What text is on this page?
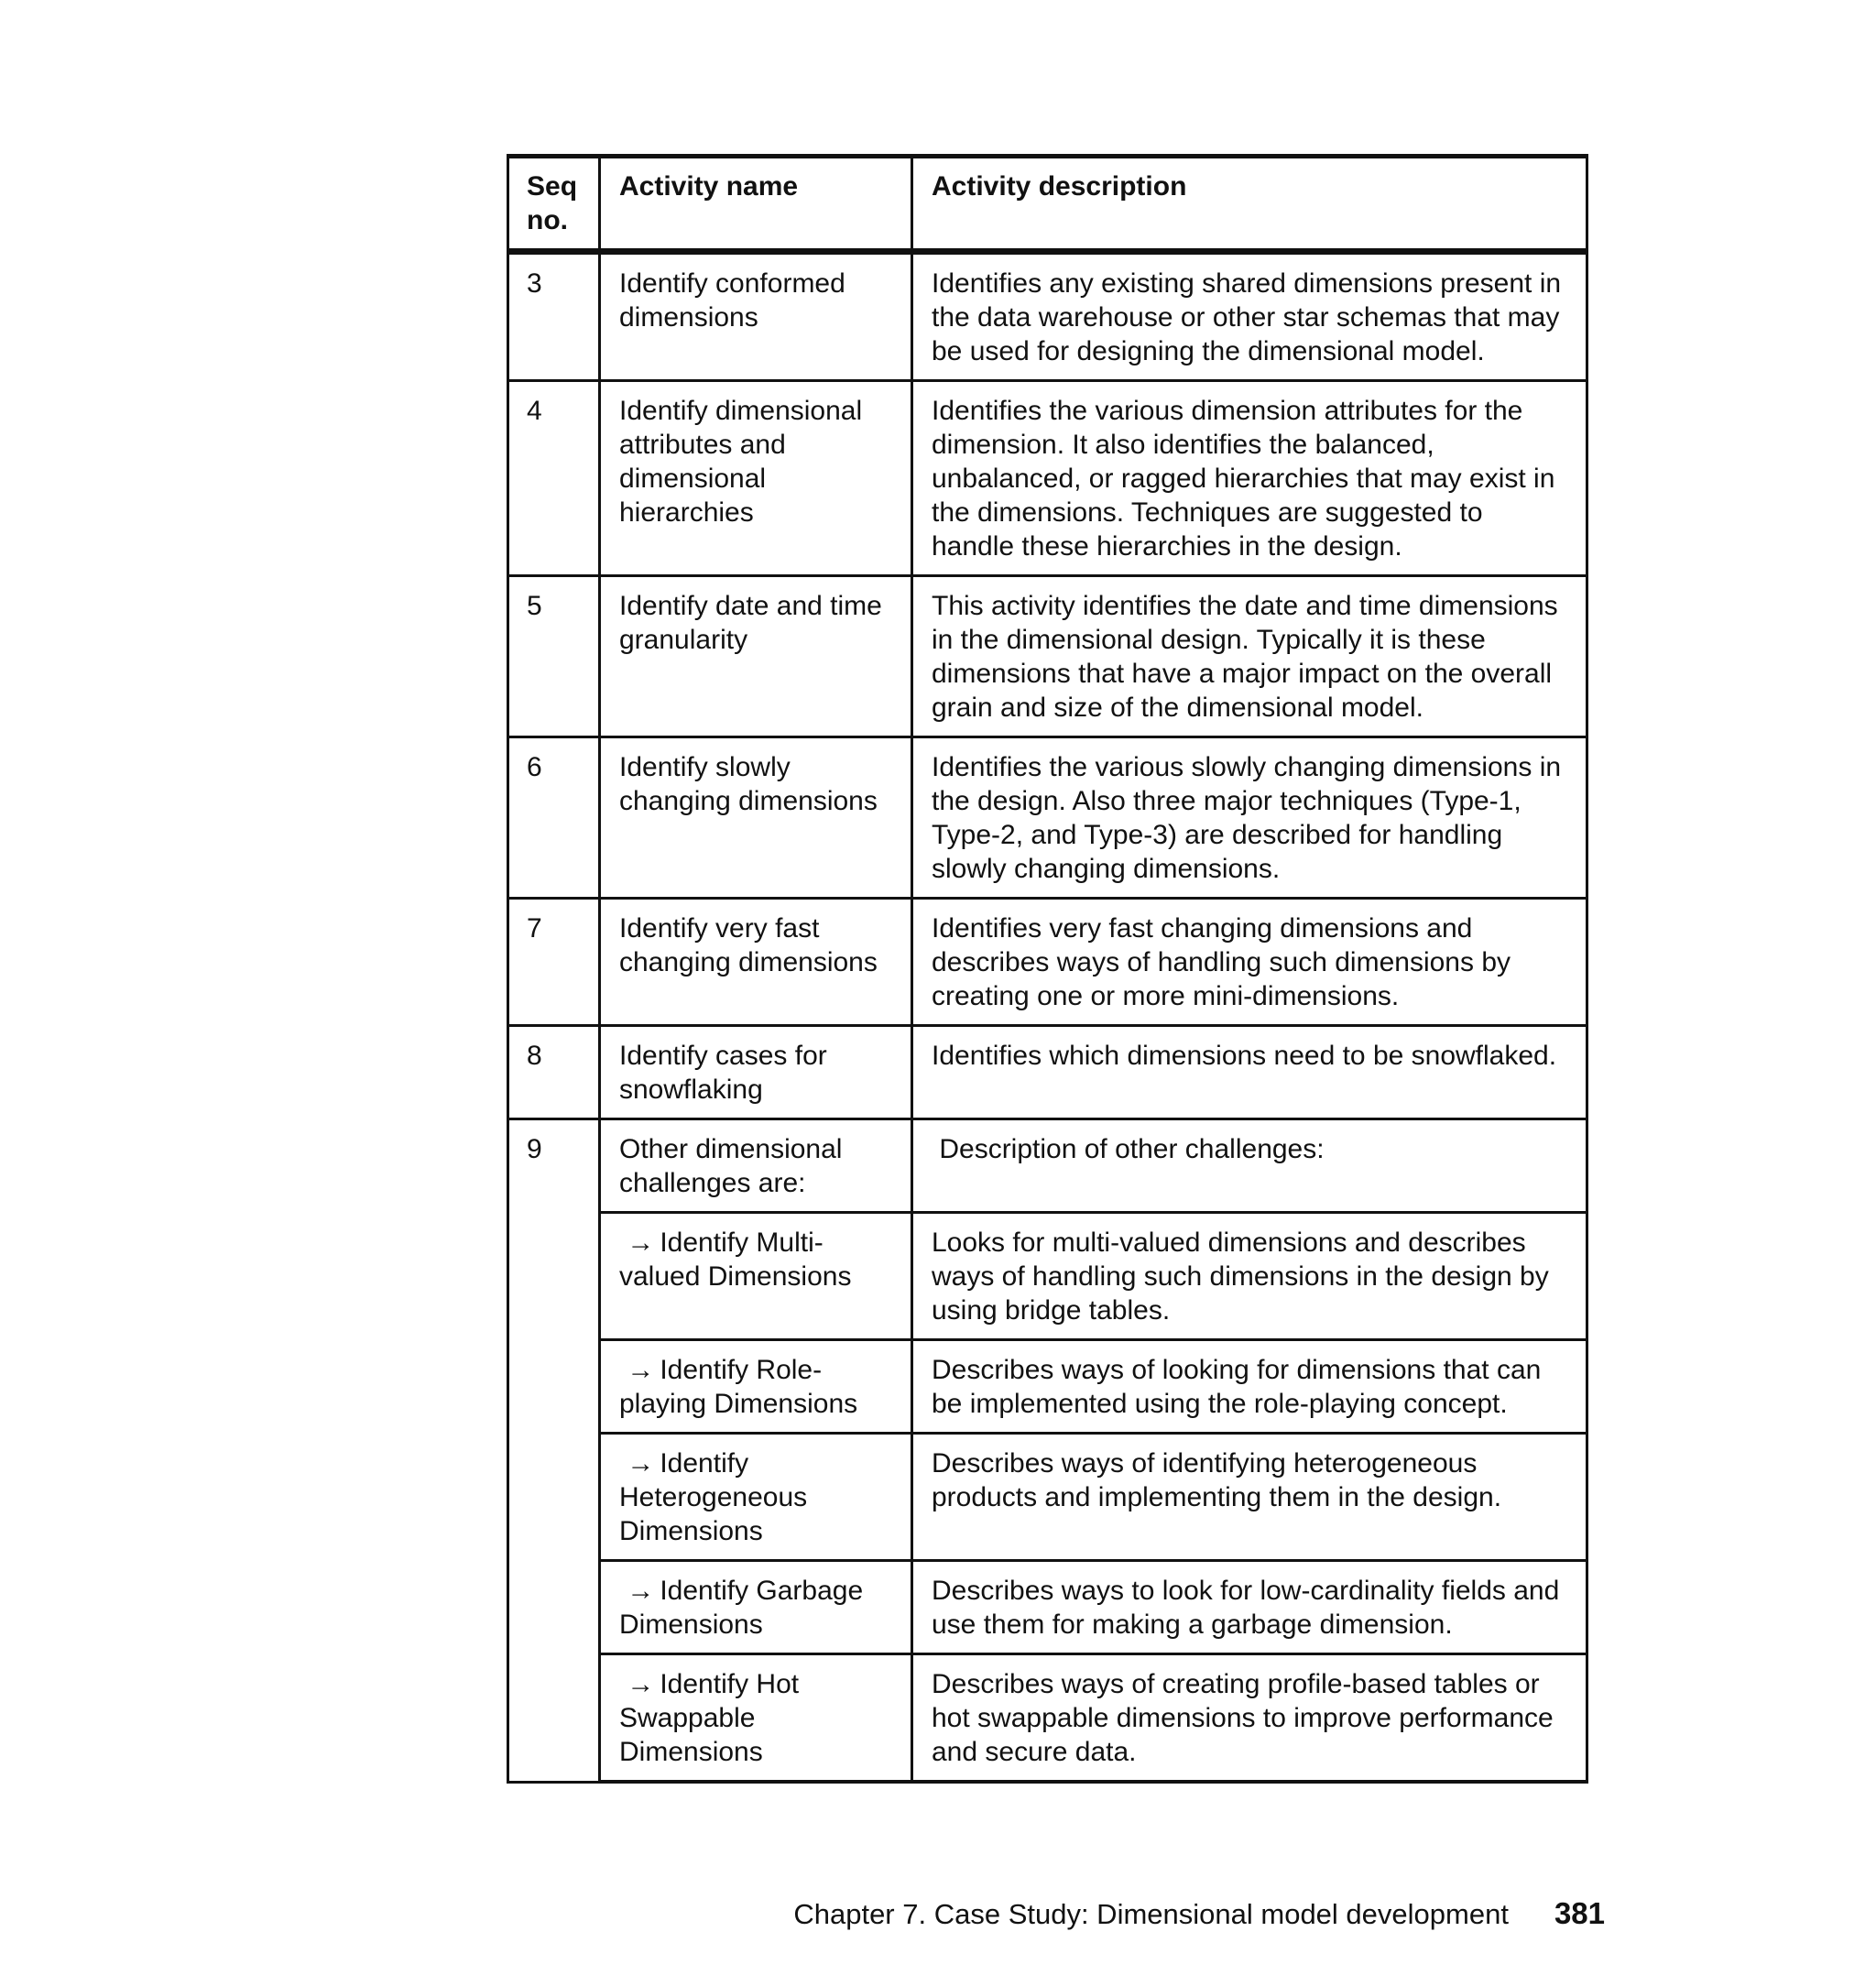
Seq no.	Activity name	Activity description
3	Identify conformed dimensions	Identifies any existing shared dimensions present in the data warehouse or other star schemas that may be used for designing the dimensional model.
4	Identify dimensional attributes and dimensional hierarchies	Identifies the various dimension attributes for the dimension. It also identifies the balanced, unbalanced, or ragged hierarchies that may exist in the dimensions. Techniques are suggested to handle these hierarchies in the design.
5	Identify date and time granularity	This activity identifies the date and time dimensions in the dimensional design. Typically it is these dimensions that have a major impact on the overall grain and size of the dimensional model.
6	Identify slowly changing dimensions	Identifies the various slowly changing dimensions in the design. Also three major techniques (Type-1, Type-2, and Type-3) are described for handling slowly changing dimensions.
7	Identify very fast changing dimensions	Identifies very fast changing dimensions and describes ways of handling such dimensions by creating one or more mini-dimensions.
8	Identify cases for snowflaking	Identifies which dimensions need to be snowflaked.
9	Other dimensional challenges are:	Description of other challenges:
	→ Identify Multi-valued Dimensions	Looks for multi-valued dimensions and describes ways of handling such dimensions in the design by using bridge tables.
	→ Identify Role-playing Dimensions	Describes ways of looking for dimensions that can be implemented using the role-playing concept.
	→ Identify Heterogeneous Dimensions	Describes ways of identifying heterogeneous products and implementing them in the design.
	→ Identify Garbage Dimensions	Describes ways to look for low-cardinality fields and use them for making a garbage dimension.
	→ Identify Hot Swappable Dimensions	Describes ways of creating profile-based tables or hot swappable dimensions to improve performance and secure data.
Chapter 7. Case Study: Dimensional model development 381
